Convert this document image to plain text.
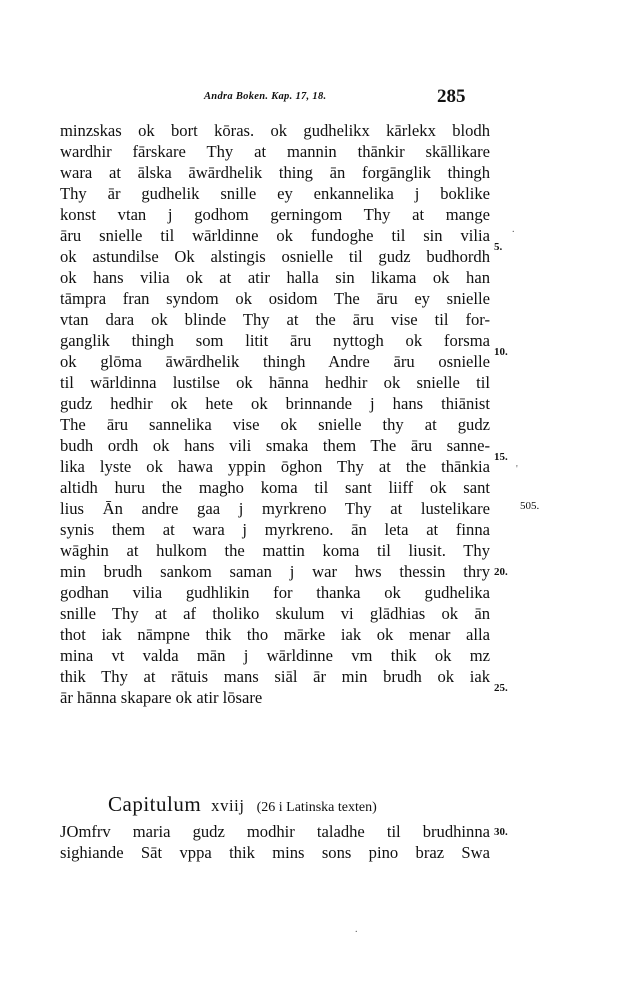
Andra Boken. Kap. 17, 18.	285
minzskas ok bort kōras. ok gudhelikx kārlekx blodh
wardhir fārskare Thy at mannin thānkir skāllikare
wara at ālska āwārdhelik thing ān forgānglik thingh
Thy ār gudhelik snille ey enkannelika j boklike
konst vtan j godhom gerningom Thy at mange
āru snielle til wārldinne ok fundoghe til sin vilia
ok astundilse Ok alstingis osnielle til gudz budhordh
ok hans vilia ok at atir halla sin likama ok han
tāmpra fran syndom ok osidom The āru ey snielle
vtan dara ok blinde Thy at the āru vise til for-
ganglik thingh som litit āru nyttogh ok forsma
ok glōma āwārdhelik thingh Andre āru osnielle
til wārldinna lustilse ok hānna hedhir ok snielle til
gudz hedhir ok hete ok brinnande j hans thiānist
The āru sannelika vise ok snielle thy at gudz
budh ordh ok hans vili smaka them The āru sanne-
lika lyste ok hawa yppin ōghon Thy at the thānkia
altidh huru the magho koma til sant liiff ok sant
lius Ān andre gaa j myrkreno Thy at lustelikare
synis them at wara j myrkreno. ān leta at finna
wāghin at hulkom the mattin koma til liusit. Thy
min brudh sankom saman j war hws thessin thry
godhan vilia gudhlikin for thanka ok gudhelika
snille Thy at af tholiko skulum vi glādhias ok ān
thot iak nāmpne thik tho mārke iak ok menar alla
mina vt valda mān j wārldinne vm thik ok mz
thik Thy at rātuis mans siāl ār min brudh ok iak
ār hānna skapare ok atir lōsare
5.
10.
15.
505.
20.
25.
Capitulum xviij (26 i Latinska texten)
JOmfrv maria gudz modhir taladhe til brudhinna
sighiande Sāt vppa thik mins sons pino braz Swa
30.
.
'
.
